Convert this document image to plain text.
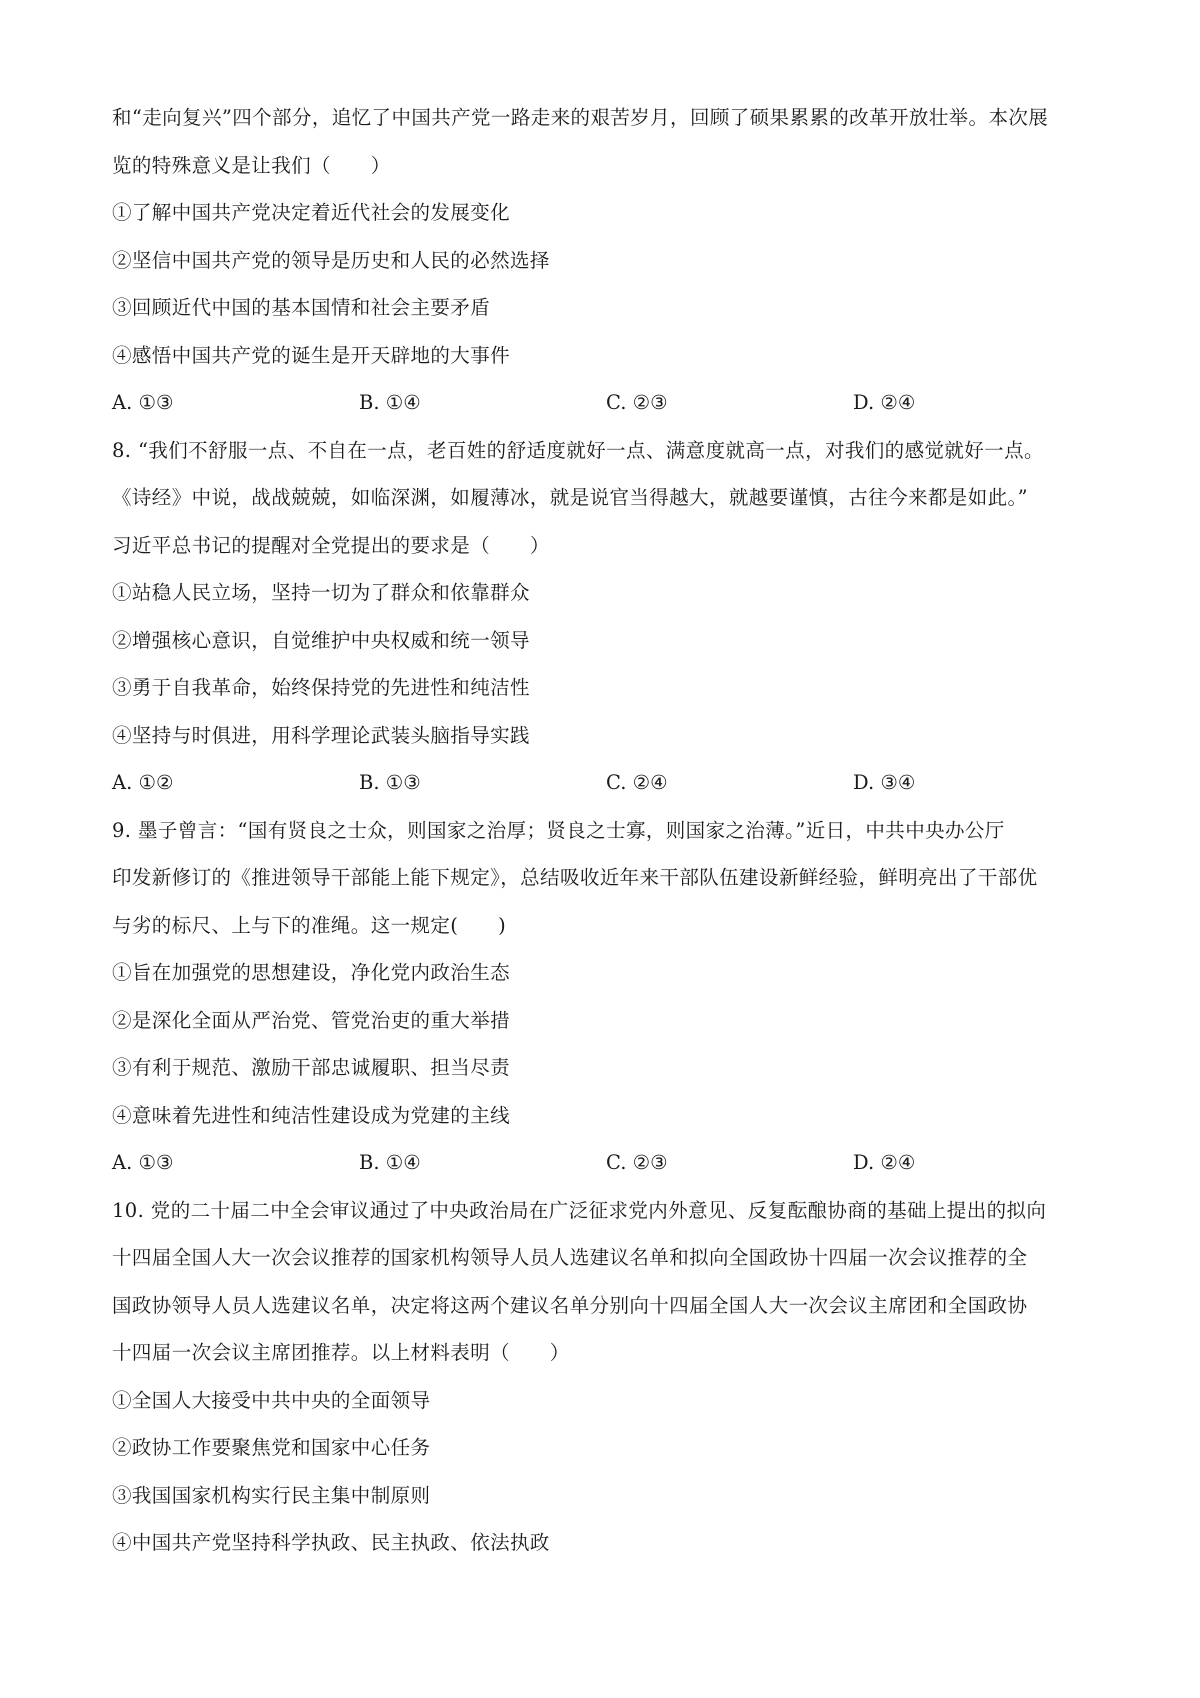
和“走向复兴”四个部分，追忆了中国共产党一路走来的艰苦岁月，回顾了硕果累累的改革开放壮举。本次展
览的特殊意义是让我们（　　）
①了解中国共产党决定着近代社会的发展变化
②坚信中国共产党的领导是历史和人民的必然选择
③回顾近代中国的基本国情和社会主要矛盾
④感悟中国共产党的诞生是开天辟地的大事件
A. ①③	B. ①④	C. ②③	D. ②④
8. “我们不舒服一点、不自在一点，老百姓的舒适度就好一点、满意度就高一点，对我们的感觉就好一点。
《诗经》中说，战战兢兢，如临深渊，如履薄冰，就是说官当得越大，就越要谨慎，古往今来都是如此。”
习近平总书记的提醒对全党提出的要求是（　　）
①站稳人民立场，坚持一切为了群众和依靠群众
②增强核心意识，自觉维护中央权威和统一领导
③勇于自我革命，始终保持党的先进性和纯洁性
④坚持与时俱进，用科学理论武装头脑指导实践
A. ①②	B. ①③	C. ②④	D. ③④
9. 墨子曾言：“国有贤良之士众，则国家之治厚；贤良之士寡，则国家之治薄。”近日，中共中央办公厅
印发新修订的《推进领导干部能上能下规定》，总结吸收近年来干部队伍建设新鲜经验，鲜明亮出了干部优
与劣的标尺、上与下的准绳。这一规定(　　)
①旨在加强党的思想建设，净化党内政治生态
②是深化全面从严治党、管党治吏的重大举措
③有利于规范、激励干部忠诚履职、担当尽责
④意味着先进性和纯洁性建设成为党建的主线
A. ①③	B. ①④	C. ②③	D. ②④
10. 党的二十届二中全会审议通过了中央政治局在广泛征求党内外意见、反复酝酿协商的基础上提出的拟向
十四届全国人大一次会议推荐的国家机构领导人员人选建议名单和拟向全国政协十四届一次会议推荐的全
国政协领导人员人选建议名单，决定将这两个建议名单分别向十四届全国人大一次会议主席团和全国政协
十四届一次会议主席团推荐。以上材料表明（　　）
①全国人大接受中共中央的全面领导
②政协工作要聚焦党和国家中心任务
③我国国家机构实行民主集中制原则
④中国共产党坚持科学执政、民主执政、依法执政
